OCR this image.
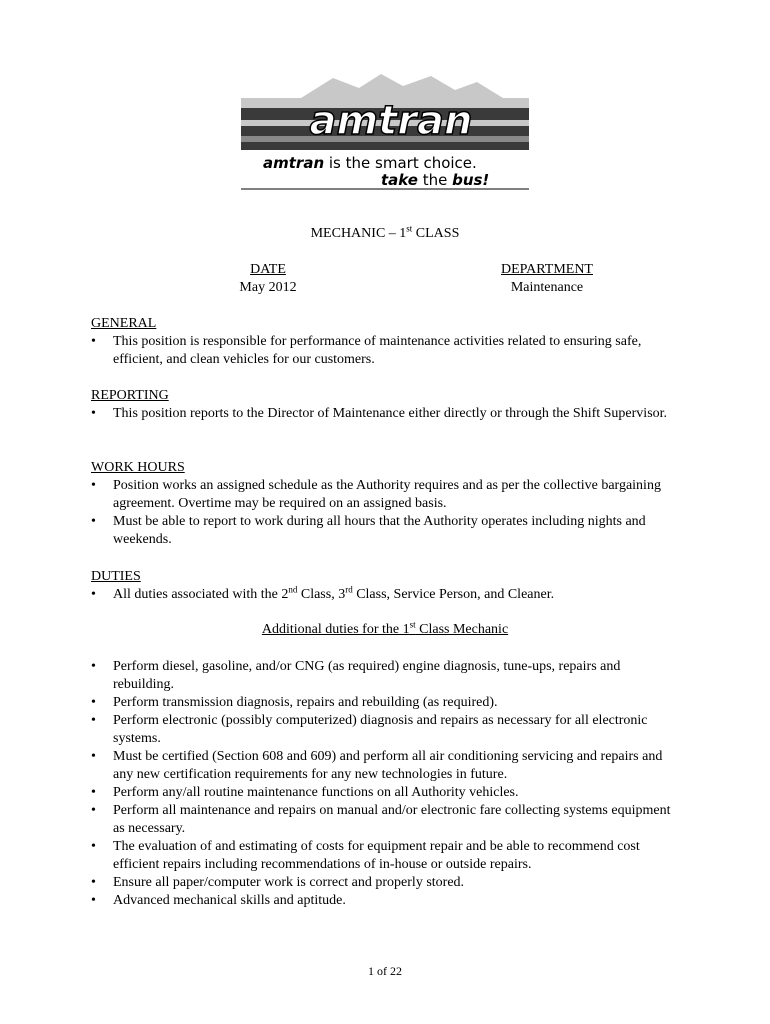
amtran
amtran is the smart choice.
take the bus!
MECHANIC – 1st CLASS
DATE
May 2012
DEPARTMENT
Maintenance
GENERAL
• This position is responsible for performance of maintenance activities related to ensuring safe, efficient, and clean vehicles for our customers.
REPORTING
• This position reports to the Director of Maintenance either directly or through the Shift Supervisor.
WORK HOURS
• Position works an assigned schedule as the Authority requires and as per the collective bargaining agreement. Overtime may be required on an assigned basis.
• Must be able to report to work during all hours that the Authority operates including nights and weekends.
DUTIES
• All duties associated with the 2nd Class, 3rd Class, Service Person, and Cleaner.
Additional duties for the 1st Class Mechanic
• Perform diesel, gasoline, and/or CNG (as required) engine diagnosis, tune-ups, repairs and rebuilding.
• Perform transmission diagnosis, repairs and rebuilding (as required).
• Perform electronic (possibly computerized) diagnosis and repairs as necessary for all electronic systems.
• Must be certified (Section 608 and 609) and perform all air conditioning servicing and repairs and any new certification requirements for any new technologies in future.
• Perform any/all routine maintenance functions on all Authority vehicles.
• Perform all maintenance and repairs on manual and/or electronic fare collecting systems equipment as necessary.
• The evaluation of and estimating of costs for equipment repair and be able to recommend cost efficient repairs including recommendations of in-house or outside repairs.
• Ensure all paper/computer work is correct and properly stored.
• Advanced mechanical skills and aptitude.
1 of 22
